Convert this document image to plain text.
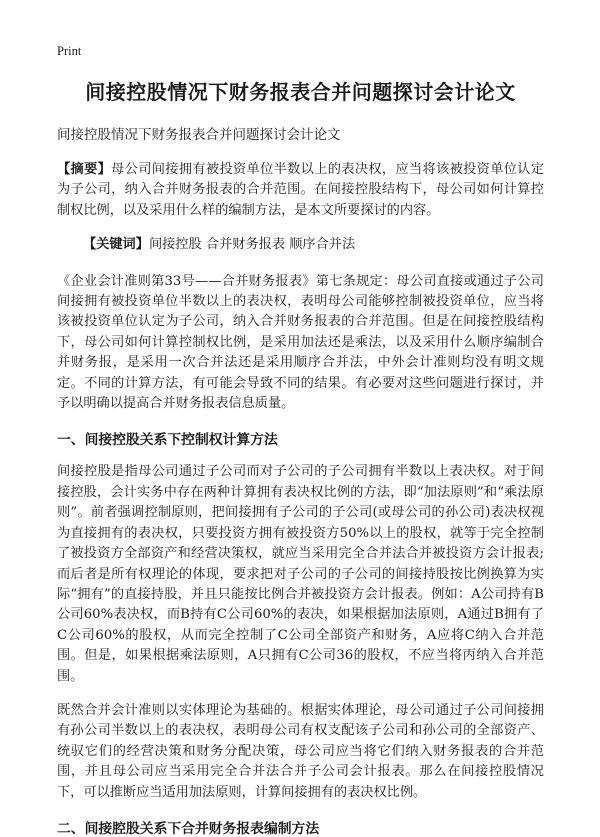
Print
间接控股情况下财务报表合并问题探讨会计论文

间接控股情况下财务报表合并问题探讨会计论文

【摘要】母公司间接拥有被投资单位半数以上的表决权，应当将该被投资单位认定为子公司，纳入合并财务报表的合并范围。在间接控股结构下，母公司如何计算控制权比例，以及采用什么样的编制方法，是本文所要探讨的内容。

【关键词】间接控股 合并财务报表 顺序合并法

《企业会计准则第33号——合并财务报表》第七条规定：母公司直接或通过子公司间接拥有被投资单位半数以上的表决权，表明母公司能够控制被投资单位，应当将该被投资单位认定为子公司，纳入合并财务报表的合并范围。但是在间接控股结构下，母公司如何计算控制权比例，是采用加法还是乘法，以及采用什么顺序编制合并财务报，是采用一次合并法还是采用顺序合并法，中外会计准则均没有明文规定。不同的计算方法，有可能会导致不同的结果。有必要对这些问题进行探讨，并予以明确以提高合并财务报表信息质量。

一、间接控股关系下控制权计算方法

间接控股是指母公司通过子公司而对子公司的子公司拥有半数以上表决权。对于间接控股，会计实务中存在两种计算拥有表决权比例的方法，即“加法原则”和“乘法原则”。前者强调控制原则，把间接拥有子公司的子公司(或母公司的孙公司)表决权视为直接拥有的表决权，只要投资方拥有被投资方50%以上的股权，就等于完全控制了被投资方全部资产和经营决策权，就应当采用完全合并法合并被投资方会计报表;而后者是所有权理论的体现，要求把对子公司的子公司的间接持股按比例换算为实际“拥有”的直接持股，并且只能按比例合并被投资方会计报表。例如：A公司持有B公司60%表决权，而B持有C公司60%的表决，如果根据加法原则，A通过B拥有了C公司60%的股权，从而完全控制了C公司全部资产和财务，A应将C纳入合并范围。但是，如果根据乘法原则，A只拥有C公司36的股权，不应当将丙纳入合并范围。

既然合并会计准则以实体理论为基础的。根据实体理论，母公司通过子公司间接拥有孙公司半数以上的表决权，表明母公司有权支配该子公司和孙公司的全部资产、统驭它们的经营决策和财务分配决策，母公司应当将它们纳入财务报表的合并范围，并且母公司应当采用完全合并法合并子公司会计报表。那么在间接控股情况下，可以推断应当适用加法原则，计算间接拥有的表决权比例。

二、间接腔股关系下合并财务报表编制方法
